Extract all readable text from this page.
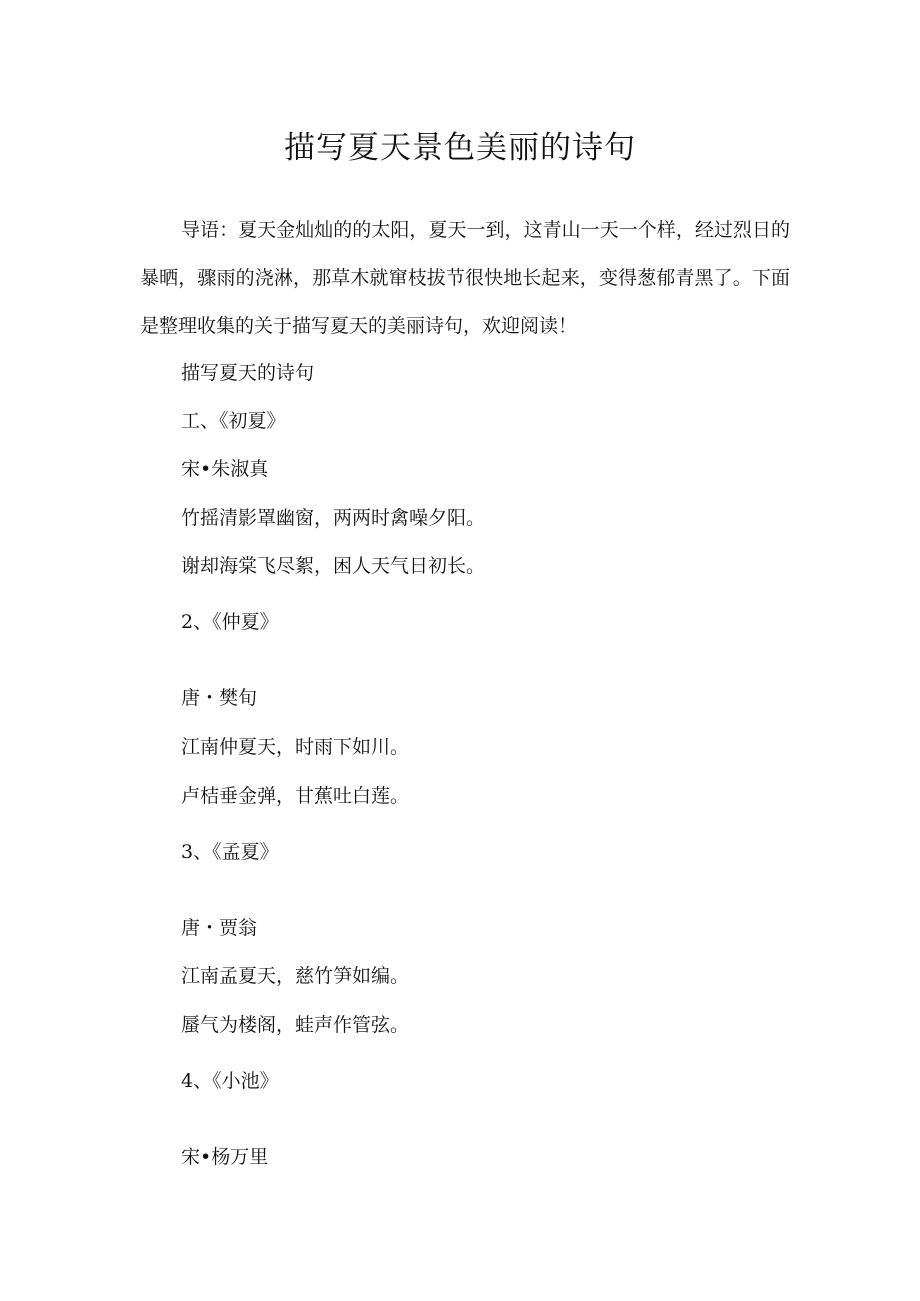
描写夏天景色美丽的诗句

导语：夏天金灿灿的的太阳，夏天一到，这青山一天一个样，经过烈日的暴晒，骤雨的浇淋，那草木就窜枝拔节很快地长起来，变得葱郁青黑了。下面是整理收集的关于描写夏天的美丽诗句，欢迎阅读！

描写夏天的诗句

工、《初夏》

宋•朱淑真

竹摇清影罩幽窗，两两时禽噪夕阳。

谢却海棠飞尽絮，困人天气日初长。

2、《仲夏》

唐・樊旬

江南仲夏天，时雨下如川。

卢桔垂金弹，甘蕉吐白莲。

3、《孟夏》

唐・贾翁

江南孟夏天，慈竹笋如编。

蜃气为楼阁，蛙声作管弦。

4、《小池》

宋•杨万里
